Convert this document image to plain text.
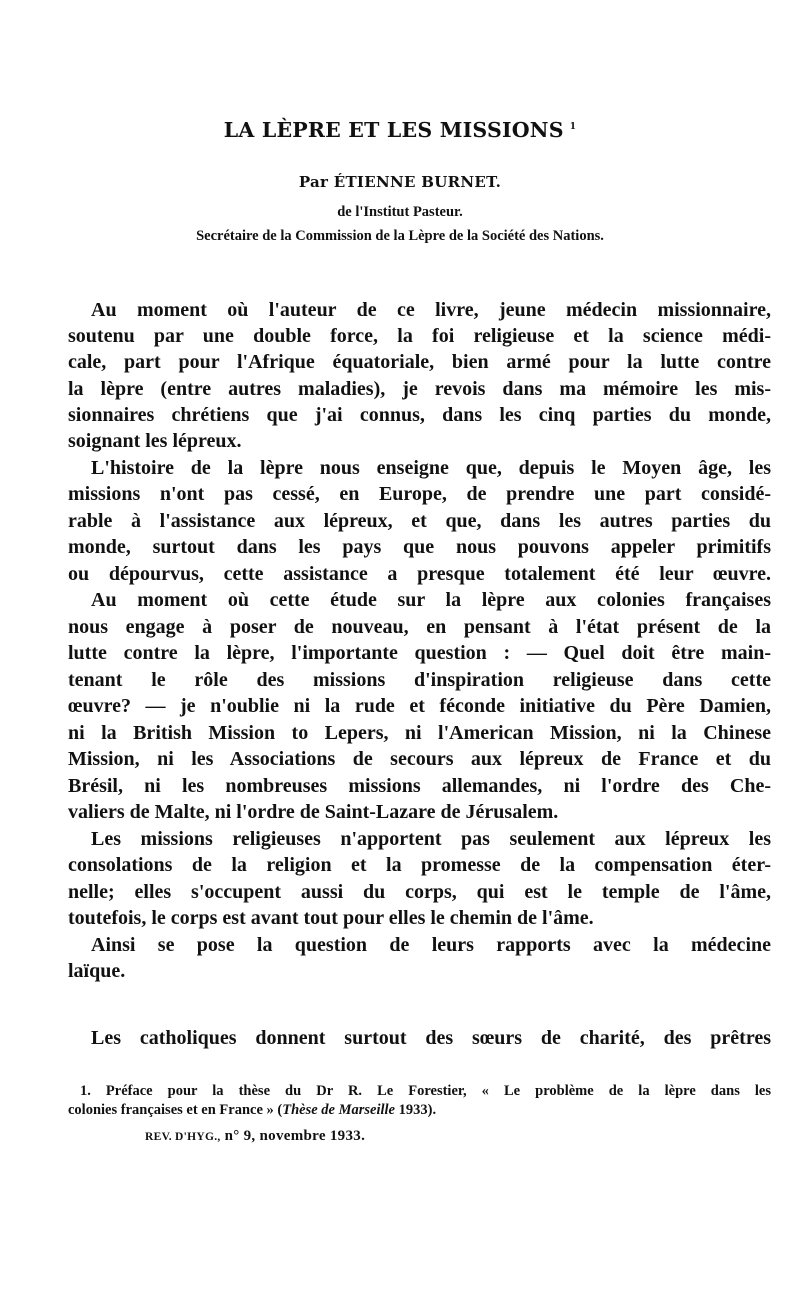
LA LÈPRE ET LES MISSIONS $^1$
Par ÉTIENNE BURNET.
de l'Institut Pasteur.
Secrétaire de la Commission de la Lèpre de la Société des Nations.

Au moment où l'auteur de ce livre, jeune médecin missionnaire,

soutenu par une double force, la foi religieuse et la science médi-

cale, part pour l'Afrique équatoriale, bien armé pour la lutte contre

la lèpre (entre autres maladies), je revois dans ma mémoire les mis-

sionnaires chrétiens que j'ai connus, dans les cinq parties du monde,

soignant les lépreux.

L'histoire de la lèpre nous enseigne que, depuis le Moyen âge, les

missions n'ont pas cessé, en Europe, de prendre une part considé-

rable à l'assistance aux lépreux, et que, dans les autres parties du

monde, surtout dans les pays que nous pouvons appeler primitifs

ou dépourvus, cette assistance a presque totalement été leur œuvre.

Au moment où cette étude sur la lèpre aux colonies françaises

nous engage à poser de nouveau, en pensant à l'état présent de la

lutte contre la lèpre, l'importante question : — Quel doit être main-

tenant le rôle des missions d'inspiration religieuse dans cette

œuvre? — je n'oublie ni la rude et féconde initiative du Père Damien,

ni la British Mission to Lepers, ni l'American Mission, ni la Chinese

Mission, ni les Associations de secours aux lépreux de France et du

Brésil, ni les nombreuses missions allemandes, ni l'ordre des Che-

valiers de Malte, ni l'ordre de Saint-Lazare de Jérusalem.

Les missions religieuses n'apportent pas seulement aux lépreux les

consolations de la religion et la promesse de la compensation éter-

nelle; elles s'occupent aussi du corps, qui est le temple de l'âme,

toutefois, le corps est avant tout pour elles le chemin de l'âme.

Ainsi se pose la question de leurs rapports avec la médecine

laïque.

Les catholiques donnent surtout des sœurs de charité, des prêtres

1. Préface pour la thèse du Dr R. Le Forestier, « Le problème de la lèpre dans les
colonies françaises et en France » (Thèse de Marseille 1933).
REV. D'HYG., n° 9, novembre 1933.
